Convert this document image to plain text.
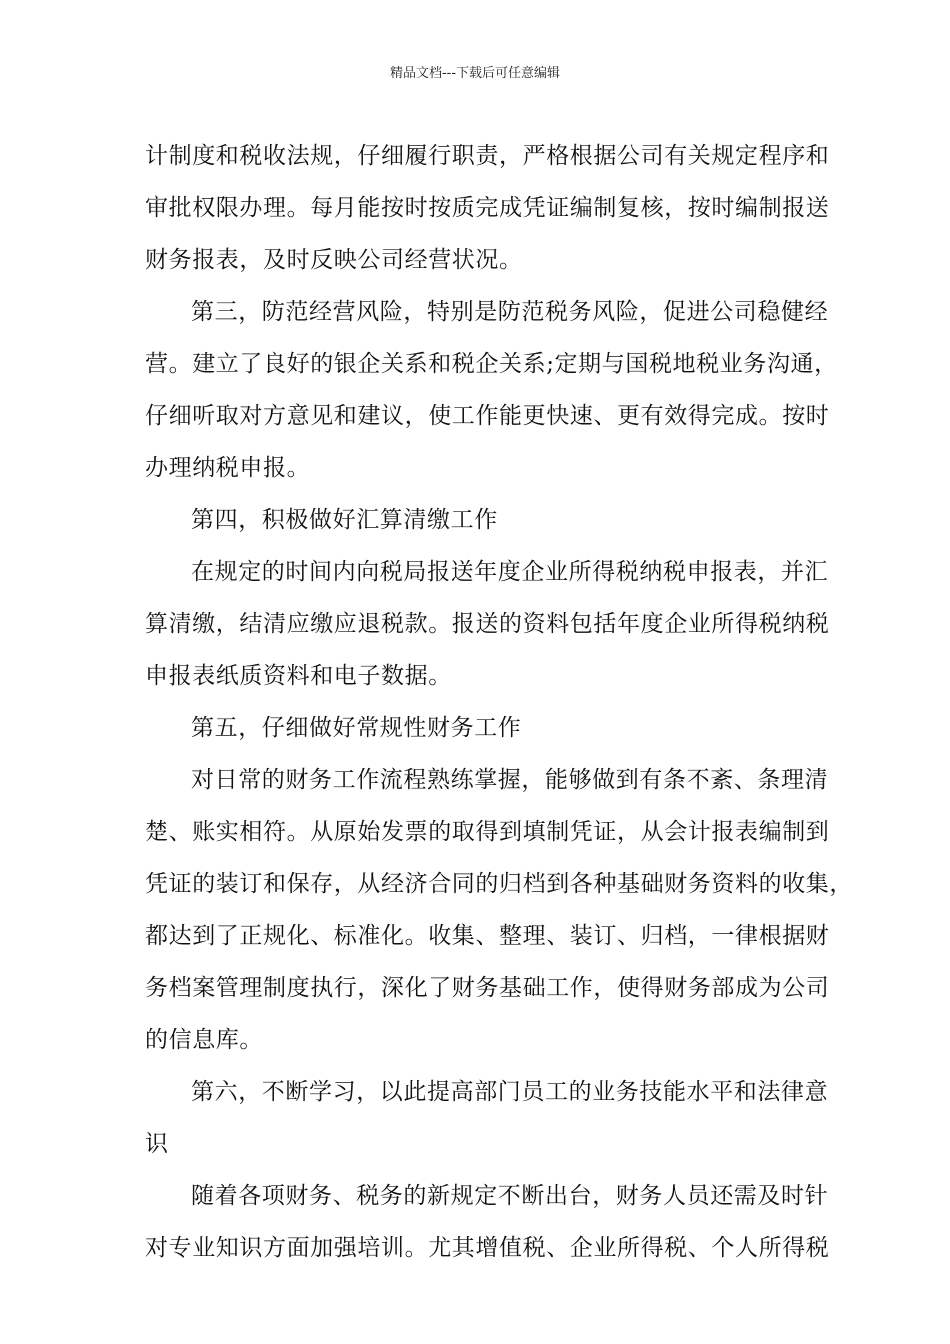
精品文档---下载后可任意编辑
计制度和税收法规，仔细履行职责，严格根据公司有关规定程序和
审批权限办理。每月能按时按质完成凭证编制复核，按时编制报送
财务报表，及时反映公司经营状况。
第三，防范经营风险，特别是防范税务风险，促进公司稳健经
营。建立了良好的银企关系和税企关系;定期与国税地税业务沟通，
仔细听取对方意见和建议，使工作能更快速、更有效得完成。按时
办理纳税申报。
第四，积极做好汇算清缴工作
在规定的时间内向税局报送年度企业所得税纳税申报表，并汇
算清缴，结清应缴应退税款。报送的资料包括年度企业所得税纳税
申报表纸质资料和电子数据。
第五，仔细做好常规性财务工作
对日常的财务工作流程熟练掌握，能够做到有条不紊、条理清
楚、账实相符。从原始发票的取得到填制凭证，从会计报表编制到
凭证的装订和保存，从经济合同的归档到各种基础财务资料的收集，
都达到了正规化、标准化。收集、整理、装订、归档，一律根据财
务档案管理制度执行，深化了财务基础工作，使得财务部成为公司
的信息库。
第六，不断学习，以此提高部门员工的业务技能水平和法律意
识
随着各项财务、税务的新规定不断出台，财务人员还需及时针
对专业知识方面加强培训。尤其增值税、企业所得税、个人所得税
